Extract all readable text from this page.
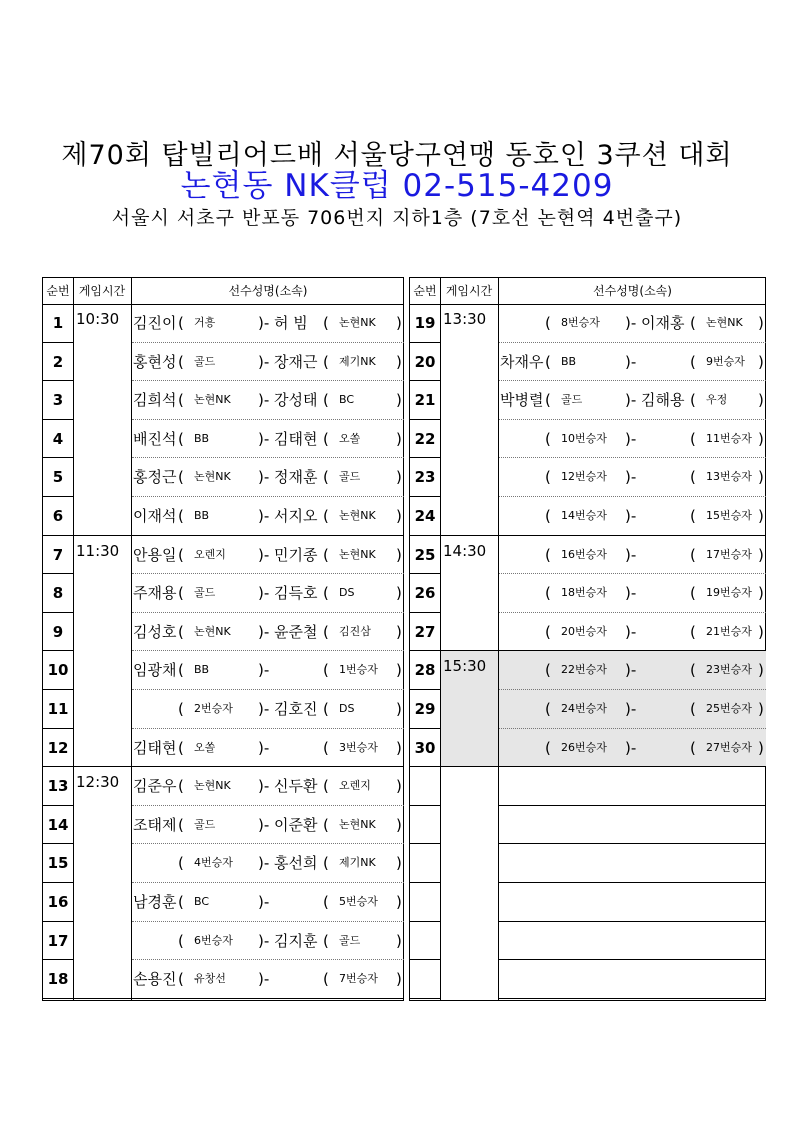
제70회 탑빌리어드배 서울당구연맹 동호인 3쿠션 대회
논현동 NK클럽 02-515-4209
서울시 서초구 반포동 706번지 지하1층 (7호선 논현역 4번출구)
순번 게임시간	선수성명(소속)
10:30
1	김진이 ( 거흥	)- 허 빔 ( 논현NK )
2	홍현성 ( 골드	)- 장재근 ( 제기NK )
3	김희석 ( 논현NK )- 강성태 ( BC	)
4	배진석 ( BB	)- 김태현 ( 오쏠 )
5	홍정근 ( 논현NK )- 정재훈 ( 골드 )
6	이재석 ( BB	)- 서지오 ( 논현NK )
11:30
7	안용일 ( 오렌지 )- 민기종 ( 논현NK )
8	주재용 ( 골드	)- 김득호 ( DS	)
9	김성호 ( 논현NK )- 윤준철 ( 김진삼 )
10	임광채 ( BB	)-	( 1번승자 )
11	( 2번승자 )- 김호진 ( DS	)
12	김태현 ( 오쏠	)-	( 3번승자 )
12:30
13	김준우 ( 논현NK )- 신두환 ( 오렌지 )
14	조태제 ( 골드	)- 이준환 ( 논현NK )
15	( 4번승자 )- 홍선희 ( 제기NK )
16	남경훈 ( BC	)-	( 5번승자 )
17	( 6번승자 )- 김지훈 ( 골드 )
18	손용진 ( 유창선 )-	( 7번승자 )
순번 게임시간	선수성명(소속)
13:30
19	( 8번승자 )- 이재홍 ( 논현NK )
20	차재우 ( BB	)-	( 9번승자 )
21	박병렬 ( 골드	)- 김해용 ( 우정 )
22	( 10번승자 )-	( 11번승자 )
23	( 12번승자 )-	( 13번승자 )
24	( 14번승자 )-	( 15번승자 )
14:30
25	( 16번승자 )-	( 17번승자 )
26	( 18번승자 )-	( 19번승자 )
27	( 20번승자 )-	( 21번승자 )
15:30
28	( 22번승자 )-	( 23번승자 )
29	( 24번승자 )-	( 25번승자 )
30	( 26번승자 )-	( 27번승자 )
